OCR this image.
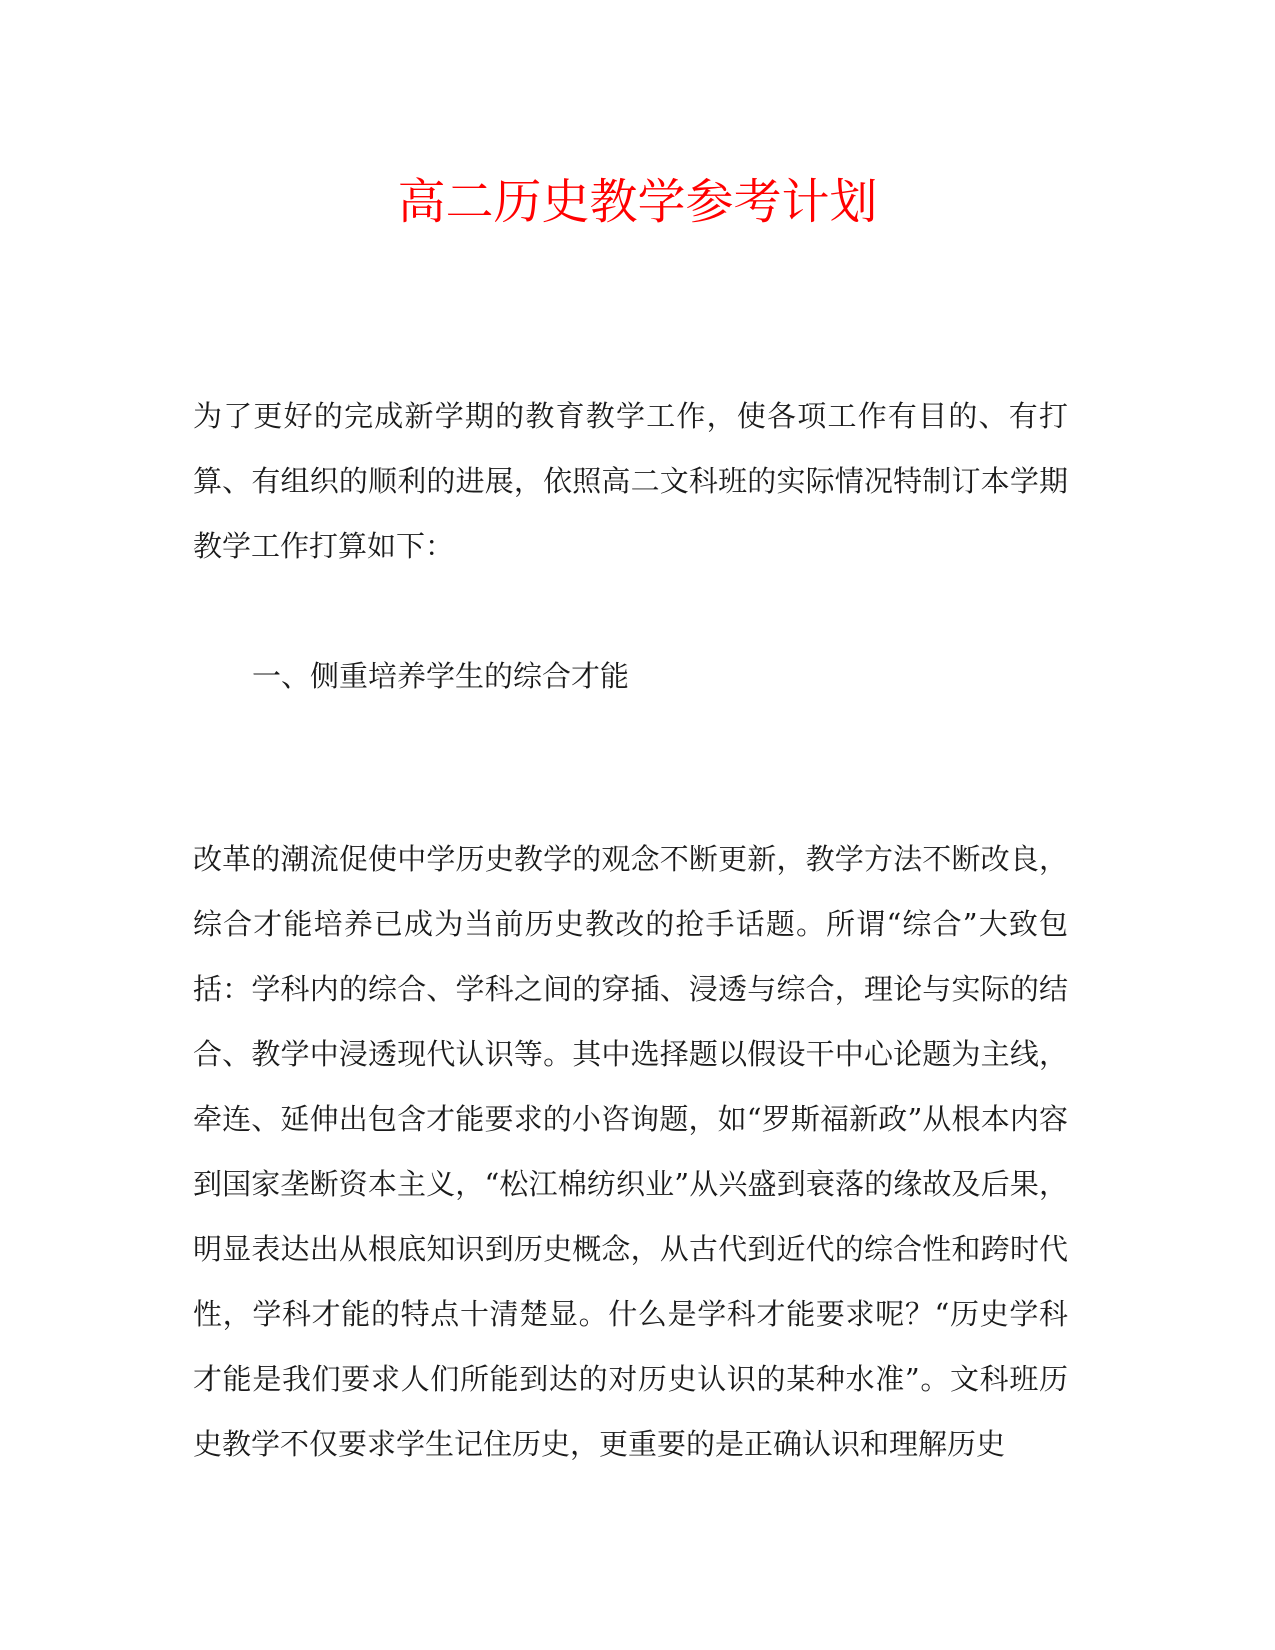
高二历史教学参考计划

为了更好的完成新学期的教育教学工作，使各项工作有目的、有打算、有组织的顺利的进展，依照高二文科班的实际情况特制订本学期教学工作打算如下：

一、侧重培养学生的综合才能

改革的潮流促使中学历史教学的观念不断更新，教学方法不断改良，综合才能培养已成为当前历史教改的抢手话题。所谓“综合”大致包括：学科内的综合、学科之间的穿插、浸透与综合，理论与实际的结合、教学中浸透现代认识等。其中选择题以假设干中心论题为主线，牵连、延伸出包含才能要求的小咨询题，如“罗斯福新政”从根本内容到国家垄断资本主义，“松江棉纺织业”从兴盛到衰落的缘故及后果，明显表达出从根底知识到历史概念，从古代到近代的综合性和跨时代性，学科才能的特点十清楚显。什么是学科才能要求呢？“历史学科才能是我们要求人们所能到达的对历史认识的某种水准”。文科班历史教学不仅要求学生记住历史，更重要的是正确认识和理解历史
